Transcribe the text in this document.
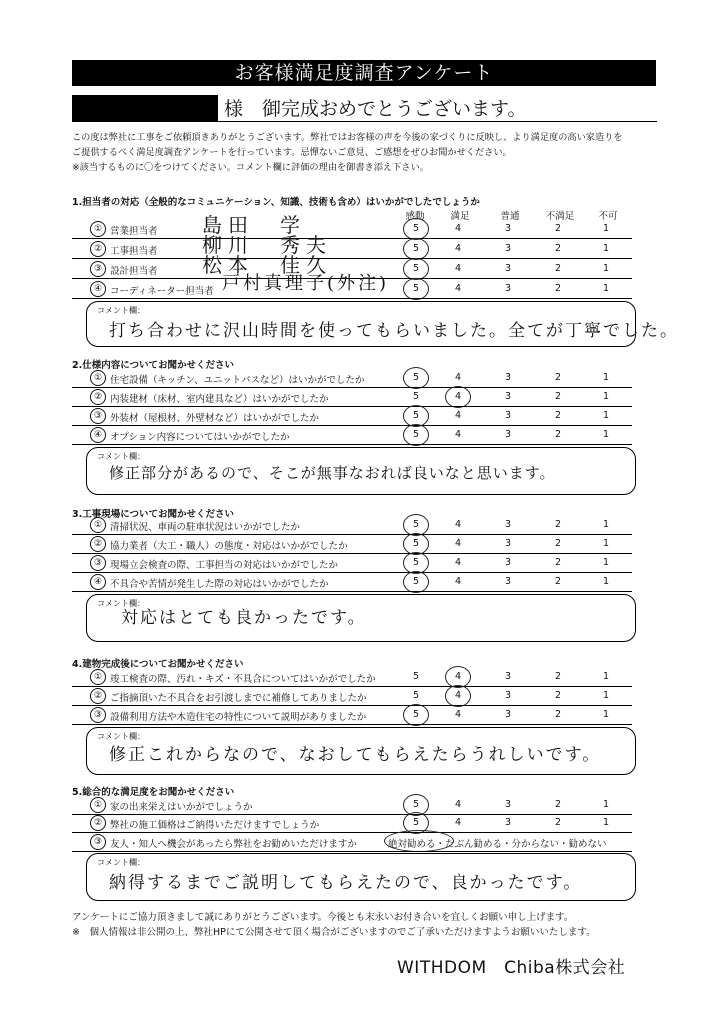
お客様満足度調査アンケート
様　御完成おめでとうございます。
この度は弊社に工事をご依頼頂きありがとうございます。弊社ではお客様の声を今後の家づくりに反映し、より満足度の高い家造りを
ご提供するべく満足度調査アンケートを行っています。忌憚ないご意見、ご感想をぜひお聞かせください。
※該当するものに〇をつけてください。コメント欄に評価の理由を御書き添え下さい。
1.担当者の対応（全般的なコミュニケーション、知識、技術も含め）はいかがでしたでしょうか
感動	満足	普通	不満足	不可
① 営業担当者 島田　学	5	4	3	2	1
② 工事担当者 柳川　秀夫	5	4	3	2	1
③ 設計担当者 松本　佳久	5	4	3	2	1
④ コーディネーター担当者 戸村真理子(外注)	5	4	3	2	1
コメント欄：
打ち合わせに沢山時間を使ってもらいました。全てが丁寧でした。
2.仕様内容についてお聞かせください
① 住宅設備（キッチン、ユニットバスなど）はいかがでしたか	5	4	3	2	1
② 内装建材（床材、室内建具など）はいかがでしたか	5	4	3	2	1
③ 外装材（屋根材、外壁材など）はいかがでしたか	5	4	3	2	1
④ オプション内容についてはいかがでしたか	5	4	3	2	1
コメント欄：
修正部分があるので、そこが無事なおれば良いなと思います。
3.工事現場についてお聞かせください
① 清掃状況、車両の駐車状況はいかがでしたか	5	4	3	2	1
② 協力業者（大工・職人）の態度・対応はいかがでしたか	5	4	3	2	1
③ 現場立会検査の際、工事担当の対応はいかがでしたか	5	4	3	2	1
④ 不具合や苦情が発生した際の対応はいかがでしたか	5	4	3	2	1
コメント欄：
対応はとても良かったです。
4.建物完成後についてお聞かせください
① 竣工検査の際、汚れ・キズ・不具合についてはいかがでしたか	5	4	3	2	1
② ご指摘頂いた不具合をお引渡しまでに補修してありましたか	5	4	3	2	1
③ 設備利用方法や木造住宅の特性について説明がありましたか	5	4	3	2	1
コメント欄：
修正これからなので、なおしてもらえたらうれしいです。
5.総合的な満足度をお聞かせください
① 家の出来栄えはいかがでしょうか	5	4	3	2	1
② 弊社の施工価格はご納得いただけますでしょうか	5	4	3	2	1
③ 友人・知人へ機会があったら弊社をお勧めいただけますか	絶対勧める・たぶん勧める・分からない・勧めない
コメント欄：
納得するまでご説明してもらえたので、良かったです。
アンケートにご協力頂きまして誠にありがとうございます。今後とも末永いお付き合いを宜しくお願い申し上げます。
※　個人情報は非公開の上、弊社HPにて公開させて頂く場合がございますのでご了承いただけますようお願いいたします。
WITHDOM　Chiba株式会社
